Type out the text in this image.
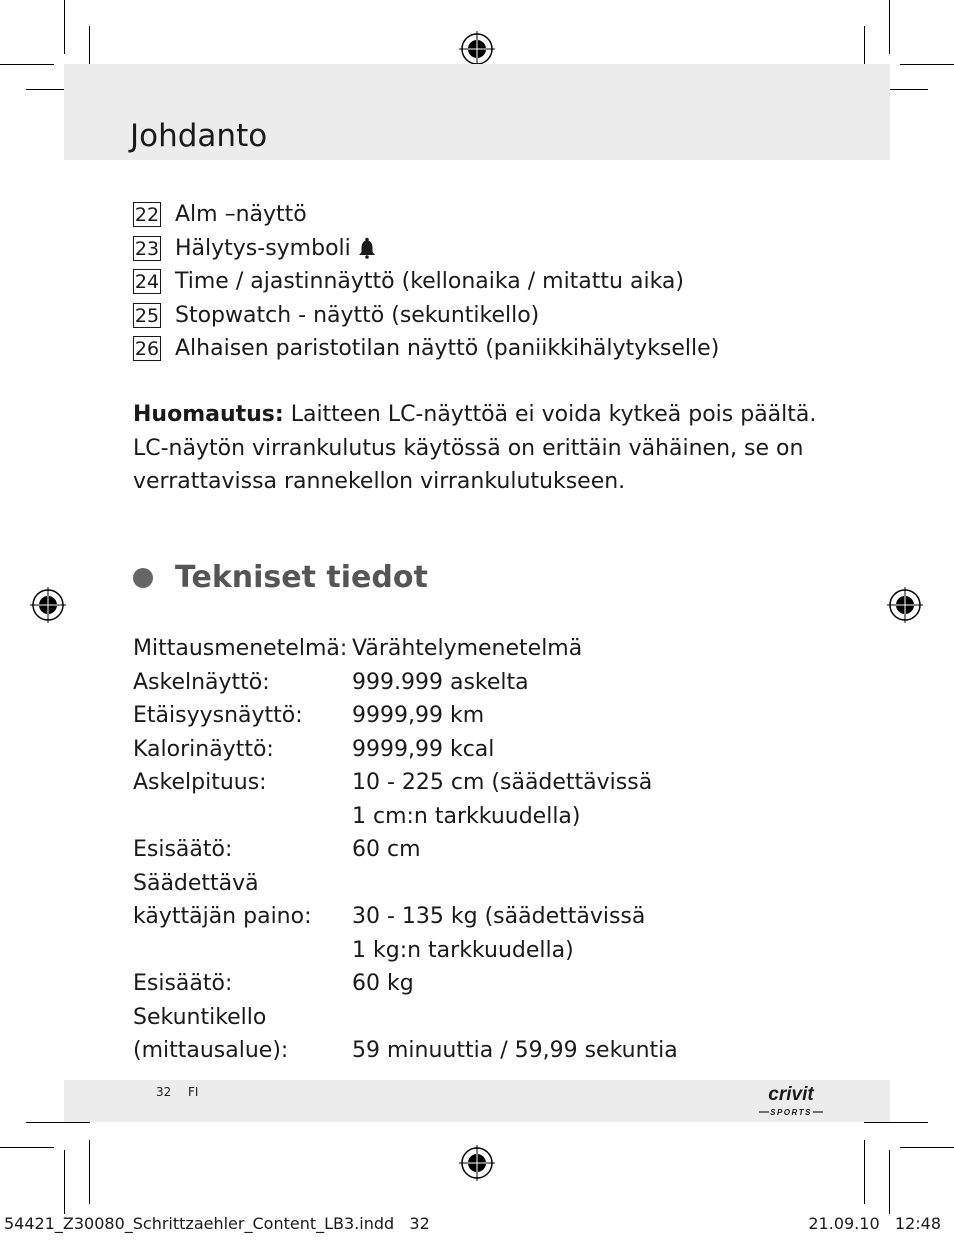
Johdanto
22 Alm –näyttö
23 Hälytys-symboli
24 Time / ajastinnäyttö (kellonaika / mitattu aika)
25 Stopwatch - näyttö (sekuntikello)
26 Alhaisen paristotilan näyttö (paniikkihälytykselle)
Huomautus: Laitteen LC-näyttöä ei voida kytkeä pois päältä.
LC-näytön virrankulutus käytössä on erittäin vähäinen, se on
verrattavissa rannekellon virrankulutukseen.
Tekniset tiedot
Mittausmenetelmä: Värähtelymenetelmä
Askelnäyttö:	999.999 askelta
Etäisyysnäyttö:	9999,99 km
Kalorinäyttö:	9999,99 kcal
Askelpituus:	10 - 225 cm (säädettävissä
1 cm:n tarkkuudella)
Esisäätö:	60 cm
Säädettävä
käyttäjän paino:	30 - 135 kg (säädettävissä
1 kg:n tarkkuudella)
Esisäätö:	60 kg
Sekuntikello
(mittausalue):	59 minuuttia / 59,99 sekuntia
32 FI	crivit
SPORTS
54421_Z30080_Schrittzaehler_Content_LB3.indd   32	21.09.10   12:48
